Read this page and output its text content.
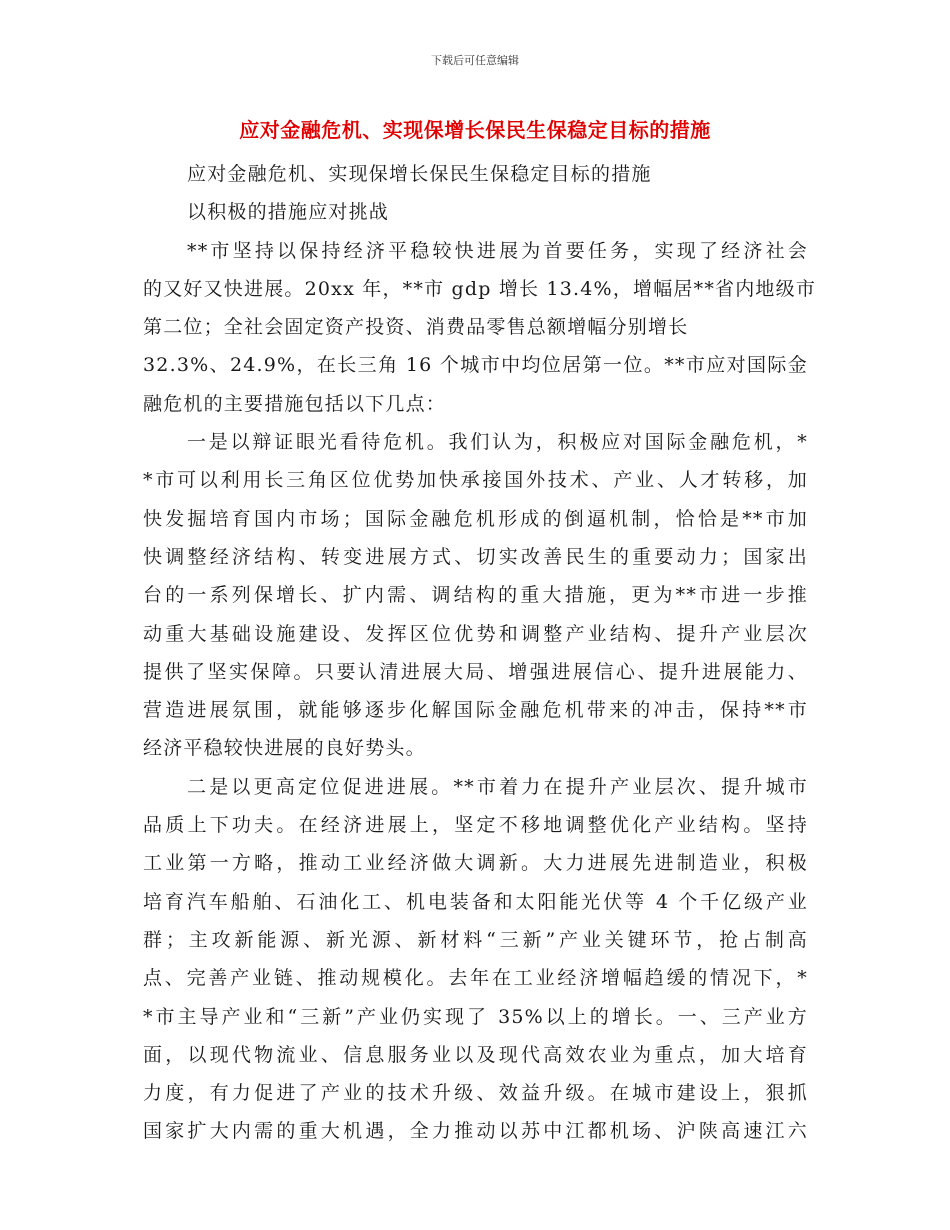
下载后可任意编辑
应对金融危机、实现保增长保民生保稳定目标的措施
应对金融危机、实现保增长保民生保稳定目标的措施
以积极的措施应对挑战
**市坚持以保持经济平稳较快进展为首要任务，实现了经济社会
的又好又快进展。20xx 年，**市 gdp 增长 13.4%，增幅居**省内地级市
第二位；全社会固定资产投资、消费品零售总额增幅分别增长
32.3%、24.9%，在长三角 16 个城市中均位居第一位。**市应对国际金
融危机的主要措施包括以下几点：
一是以辩证眼光看待危机。我们认为，积极应对国际金融危机，*
*市可以利用长三角区位优势加快承接国外技术、产业、人才转移，加
快发掘培育国内市场；国际金融危机形成的倒逼机制，恰恰是**市加
快调整经济结构、转变进展方式、切实改善民生的重要动力；国家出
台的一系列保增长、扩内需、调结构的重大措施，更为**市进一步推
动重大基础设施建设、发挥区位优势和调整产业结构、提升产业层次
提供了坚实保障。只要认清进展大局、增强进展信心、提升进展能力、
营造进展氛围，就能够逐步化解国际金融危机带来的冲击，保持**市
经济平稳较快进展的良好势头。
二是以更高定位促进进展。**市着力在提升产业层次、提升城市
品质上下功夫。在经济进展上，坚定不移地调整优化产业结构。坚持
工业第一方略，推动工业经济做大调新。大力进展先进制造业，积极
培育汽车船舶、石油化工、机电装备和太阳能光伏等 4 个千亿级产业
群；主攻新能源、新光源、新材料“三新”产业关键环节，抢占制高
点、完善产业链、推动规模化。去年在工业经济增幅趋缓的情况下，*
*市主导产业和“三新”产业仍实现了 35%以上的增长。一、三产业方
面，以现代物流业、信息服务业以及现代高效农业为重点，加大培育
力度，有力促进了产业的技术升级、效益升级。在城市建设上，狠抓
国家扩大内需的重大机遇，全力推动以苏中江都机场、沪陕高速江六
